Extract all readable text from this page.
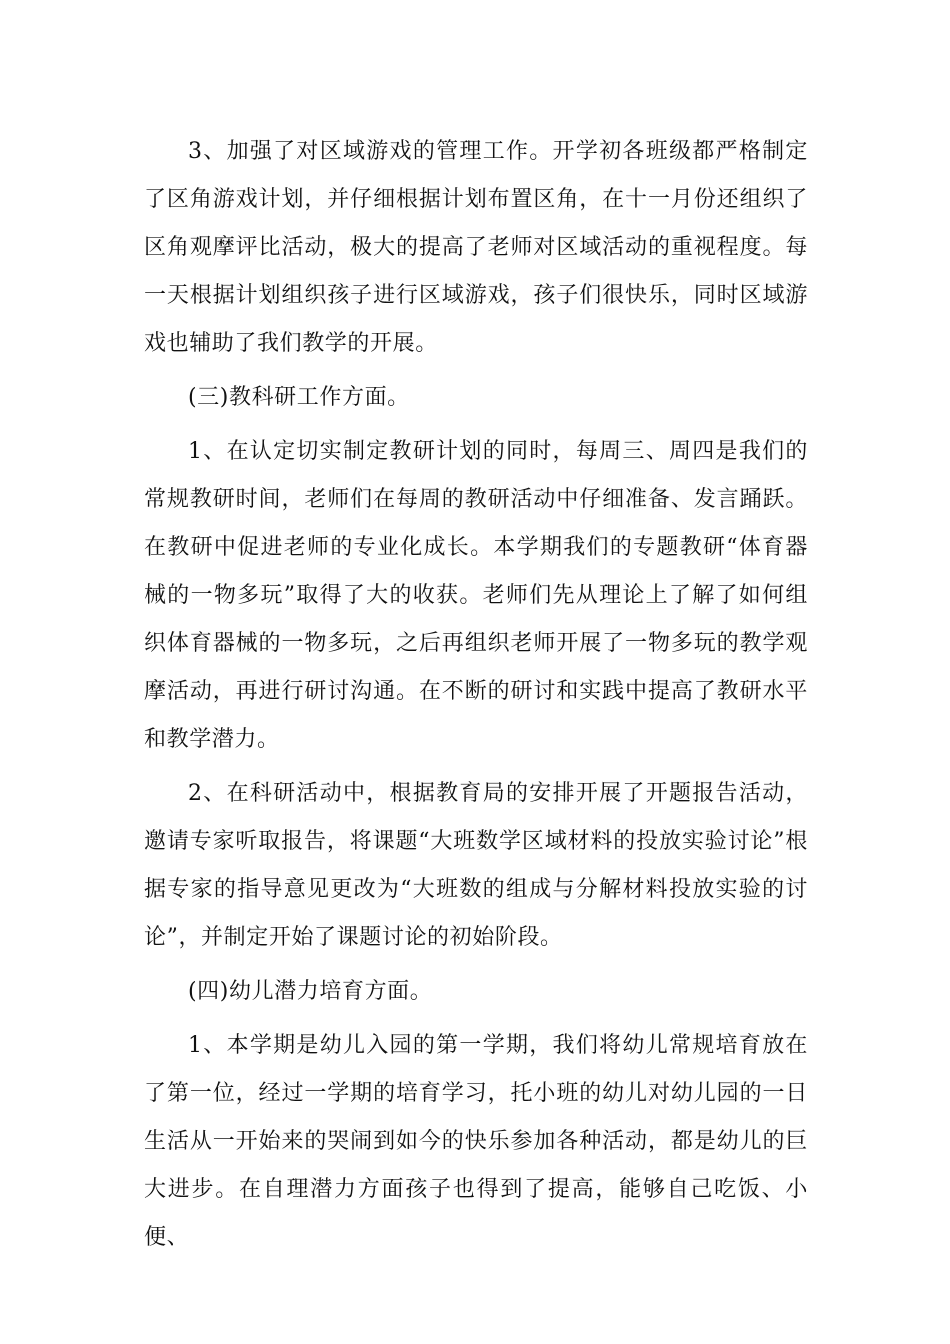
3、加强了对区域游戏的管理工作。开学初各班级都严格制定了区角游戏计划，并仔细根据计划布置区角，在十一月份还组织了区角观摩评比活动，极大的提高了老师对区域活动的重视程度。每一天根据计划组织孩子进行区域游戏，孩子们很快乐，同时区域游戏也辅助了我们教学的开展。

(三)教科研工作方面。

1、在认定切实制定教研计划的同时，每周三、周四是我们的常规教研时间，老师们在每周的教研活动中仔细准备、发言踊跃。在教研中促进老师的专业化成长。本学期我们的专题教研“体育器械的一物多玩”取得了大的收获。老师们先从理论上了解了如何组织体育器械的一物多玩，之后再组织老师开展了一物多玩的教学观摩活动，再进行研讨沟通。在不断的研讨和实践中提高了教研水平和教学潜力。

2、在科研活动中，根据教育局的安排开展了开题报告活动，邀请专家听取报告，将课题“大班数学区域材料的投放实验讨论”根据专家的指导意见更改为“大班数的组成与分解材料投放实验的讨论”，并制定开始了课题讨论的初始阶段。

(四)幼儿潜力培育方面。

1、本学期是幼儿入园的第一学期，我们将幼儿常规培育放在了第一位，经过一学期的培育学习，托小班的幼儿对幼儿园的一日生活从一开始来的哭闹到如今的快乐参加各种活动，都是幼儿的巨大进步。在自理潜力方面孩子也得到了提高，能够自己吃饭、小便、
